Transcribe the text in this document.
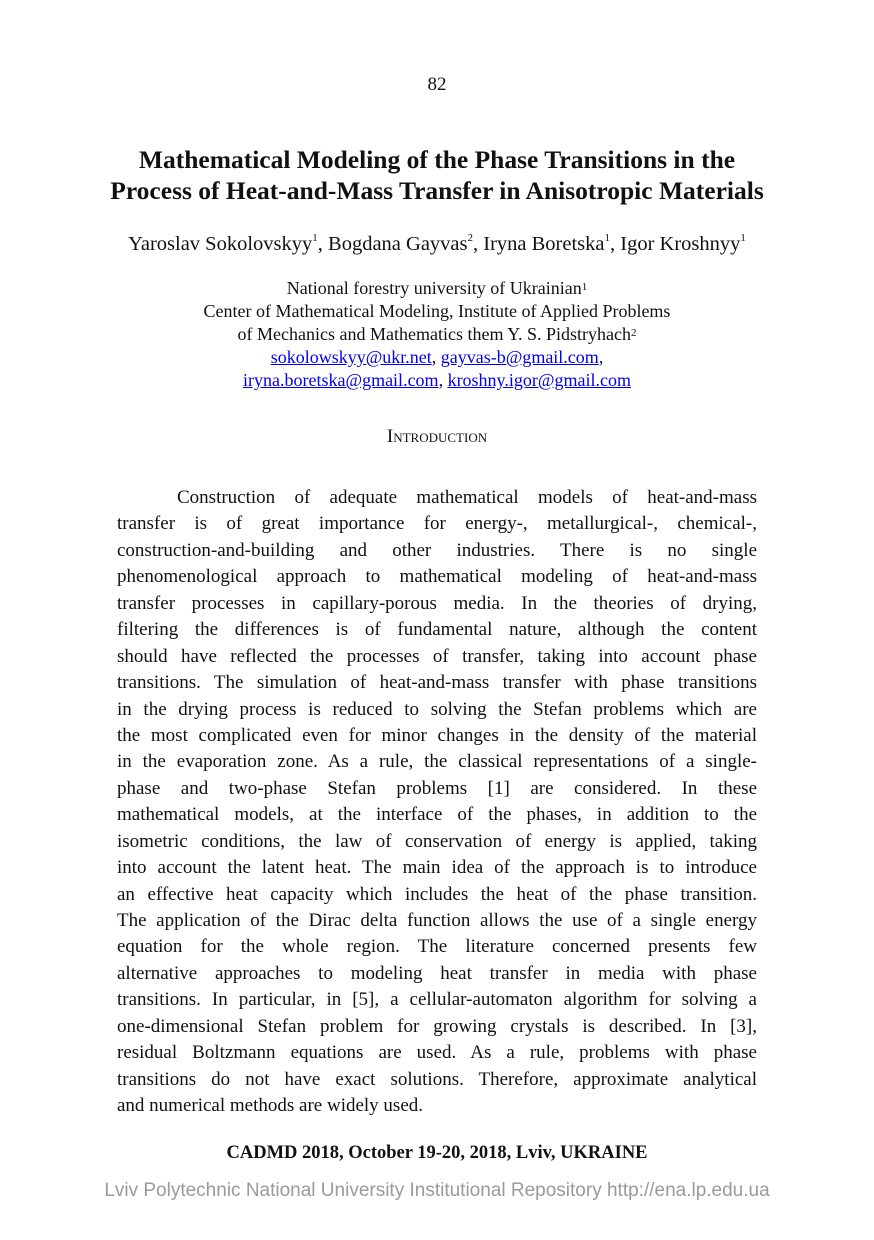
82
Mathematical Modeling of the Phase Transitions in the
Process of Heat-and-Mass Transfer in Anisotropic Materials
Yaroslav Sokolovskyy$^1$, Bogdana Gayvas$^2$, Iryna Boretska$^1$, Igor Kroshnyy$^1$
National forestry university of Ukrainian$^1$
Center of Mathematical Modeling, Institute of Applied Problems
of Mechanics and Mathematics them Y. S. Pidstryhach$^2$
sokolowskyy@ukr.net, gayvas-b@gmail.com,
iryna.boretska@gmail.com, kroshny.igor@gmail.com
Introduction
Construction of adequate mathematical models of heat-and-mass
transfer is of great importance for energy-, metallurgical-, chemical-,
construction-and-building and other industries. There is no single
phenomenological approach to mathematical modeling of heat-and-mass
transfer processes in capillary-porous media. In the theories of drying,
filtering the differences is of fundamental nature, although the content
should have reflected the processes of transfer, taking into account phase
transitions. The simulation of heat-and-mass transfer with phase transitions
in the drying process is reduced to solving the Stefan problems which are
the most complicated even for minor changes in the density of the material
in the evaporation zone. As a rule, the classical representations of a single-
phase and two-phase Stefan problems [1] are considered. In these
mathematical models, at the interface of the phases, in addition to the
isometric conditions, the law of conservation of energy is applied, taking
into account the latent heat. The main idea of the approach is to introduce
an effective heat capacity which includes the heat of the phase transition.
The application of the Dirac delta function allows the use of a single energy
equation for the whole region. The literature concerned presents few
alternative approaches to modeling heat transfer in media with phase
transitions. In particular, in [5], a cellular-automaton algorithm for solving a
one-dimensional Stefan problem for growing crystals is described. In [3],
residual Boltzmann equations are used. As a rule, problems with phase
transitions do not have exact solutions. Therefore, approximate analytical
and numerical methods are widely used.
CADMD 2018, October 19-20, 2018, Lviv, UKRAINE
Lviv Polytechnic National University Institutional Repository http://ena.lp.edu.ua
